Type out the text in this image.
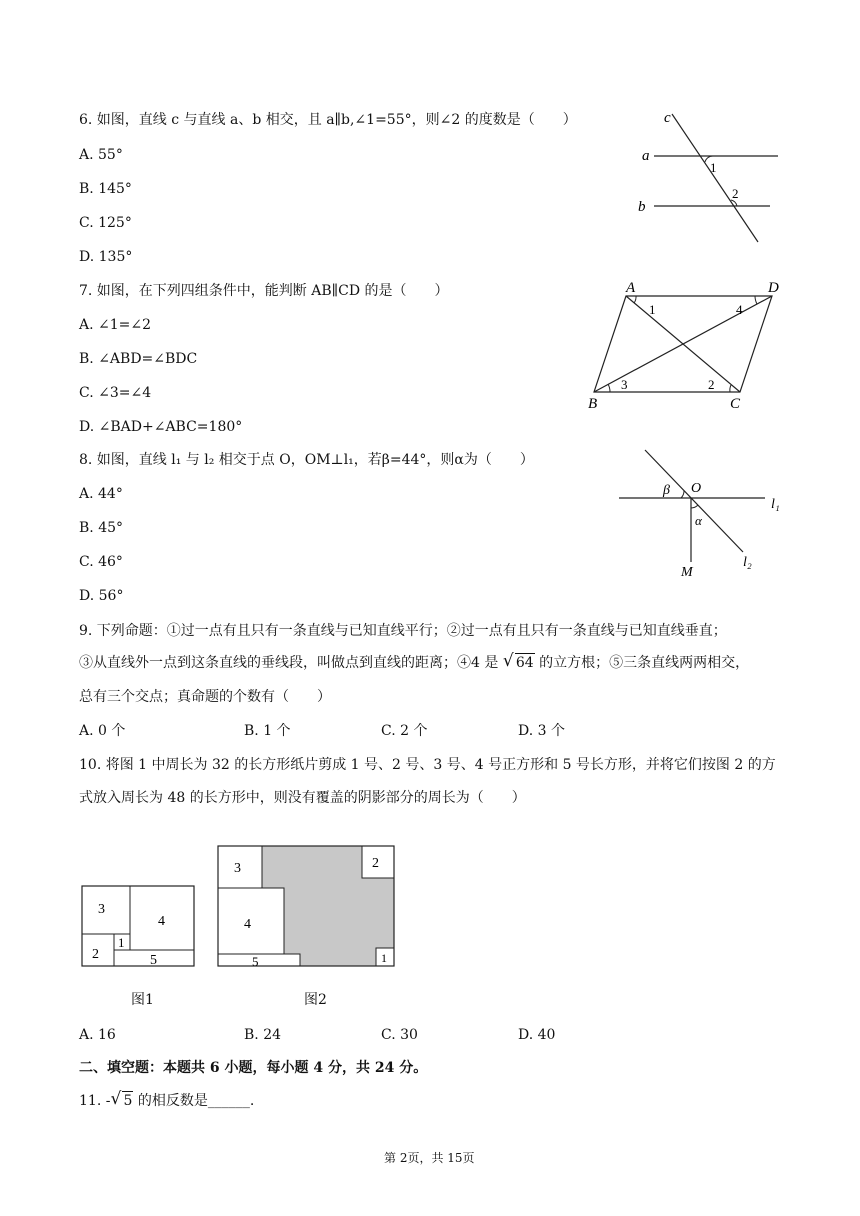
6. 如图，直线 c 与直线 a、b 相交，且 a∥b,∠1=55°，则∠2 的度数是（　　）
A. 55°
B. 145°
C. 125°
D. 135°
c
a
b
1
2
7. 如图，在下列四组条件中，能判断 AB∥CD 的是（　　）
A. ∠1=∠2
B. ∠ABD=∠BDC
C. ∠3=∠4
D. ∠BAD+∠ABC=180°
A	D
B	C
1	4
3	2
8. 如图，直线 l₁ 与 l₂ 相交于点 O，OM⊥l₁，若β=44°，则α为（　　）
A. 44°
B. 45°
C. 46°
D. 56°
β O
l₁
α
M
l₂
9. 下列命题：①过一点有且只有一条直线与已知直线平行；②过一点有且只有一条直线与已知直线垂直；
③从直线外一点到这条直线的垂线段，叫做点到直线的距离；④4 是 √ 64 的立方根；⑤三条直线两两相交，
总有三个交点；真命题的个数有（　　）
A. 0 个	B. 1 个	C. 2 个	D. 3 个
10. 将图 1 中周长为 32 的长方形纸片剪成 1 号、2 号、3 号、4 号正方形和 5 号长方形，并将它们按图 2 的方
式放入周长为 48 的长方形中，则没有覆盖的阴影部分的周长为（　　）
3
4
2
1
5
图1
3	2
4
5	1
图2
A. 16	B. 24	C. 30	D. 40
二、填空题：本题共 6 小题，每小题 4 分，共 24 分。
11. - √ 5 的相反数是______.
第 2页，共 15页
